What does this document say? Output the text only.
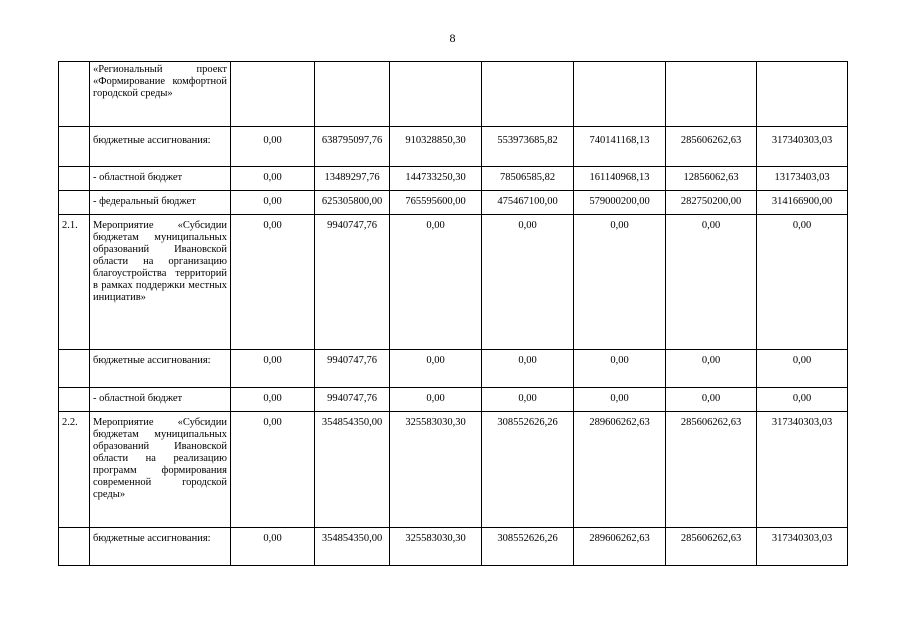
8
	«Региональный проект «Формирование комфортной городской среды»							
	бюджетные ассигнования:	0,00	638795097,76	910328850,30	553973685,82	740141168,13	285606262,63	317340303,03
	- областной бюджет	0,00	13489297,76	144733250,30	78506585,82	161140968,13	12856062,63	13173403,03
	- федеральный бюджет	0,00	625305800,00	765595600,00	475467100,00	579000200,00	282750200,00	314166900,00
2.1.	Мероприятие «Субсидии бюджетам муниципальных образований Ивановской области на организацию благоустройства территорий в рамках поддержки местных инициатив»	0,00	9940747,76	0,00	0,00	0,00	0,00	0,00
	бюджетные ассигнования:	0,00	9940747,76	0,00	0,00	0,00	0,00	0,00
	- областной бюджет	0,00	9940747,76	0,00	0,00	0,00	0,00	0,00
2.2.	Мероприятие «Субсидии бюджетам муниципальных образований Ивановской области на реализацию программ формирования современной городской среды»	0,00	354854350,00	325583030,30	308552626,26	289606262,63	285606262,63	317340303,03
	бюджетные ассигнования:	0,00	354854350,00	325583030,30	308552626,26	289606262,63	285606262,63	317340303,03
